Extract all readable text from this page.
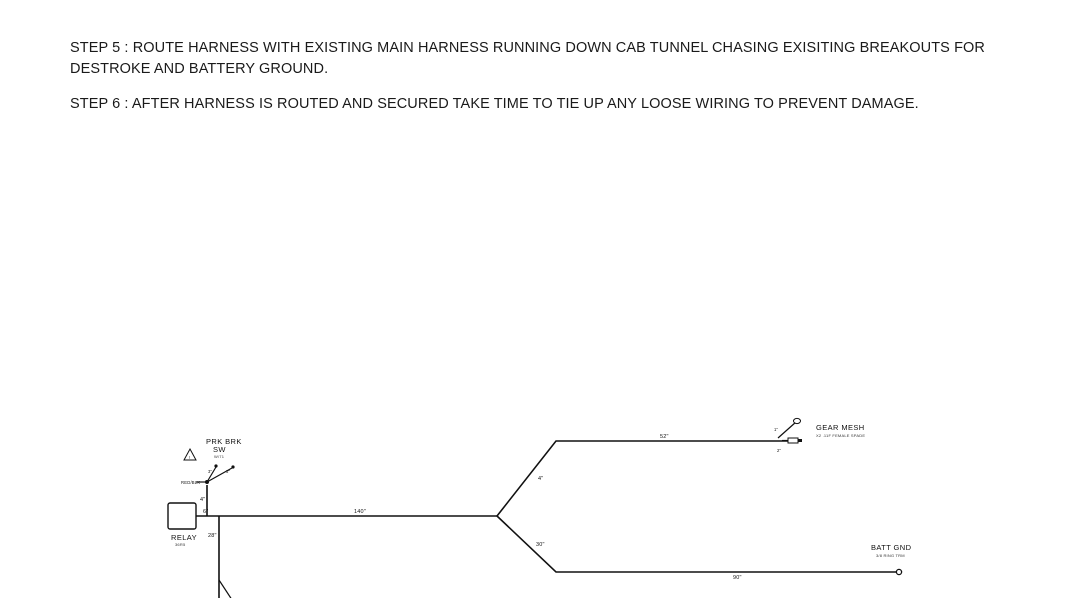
STEP 5 : ROUTE HARNESS WITH EXISTING MAIN HARNESS RUNNING DOWN CAB TUNNEL CHASING EXISITING BREAKOUTS FOR DESTROKE AND BATTERY GROUND.
STEP 6 : AFTER HARNESS IS ROUTED AND SECURED TAKE TIME TO TIE UP ANY LOOSE WIRING TO PREVENT DAMAGE.
RELAY
36R5
4"
6"	140"
3"	3"
RED/BLK
PRK BRK
SW
W/71
!
4"
52"
1"
2"
GEAR MESH
X2 .11F FEMALE SPADE
30"
90"
BATT GND
3/8 RING TRM
28"
